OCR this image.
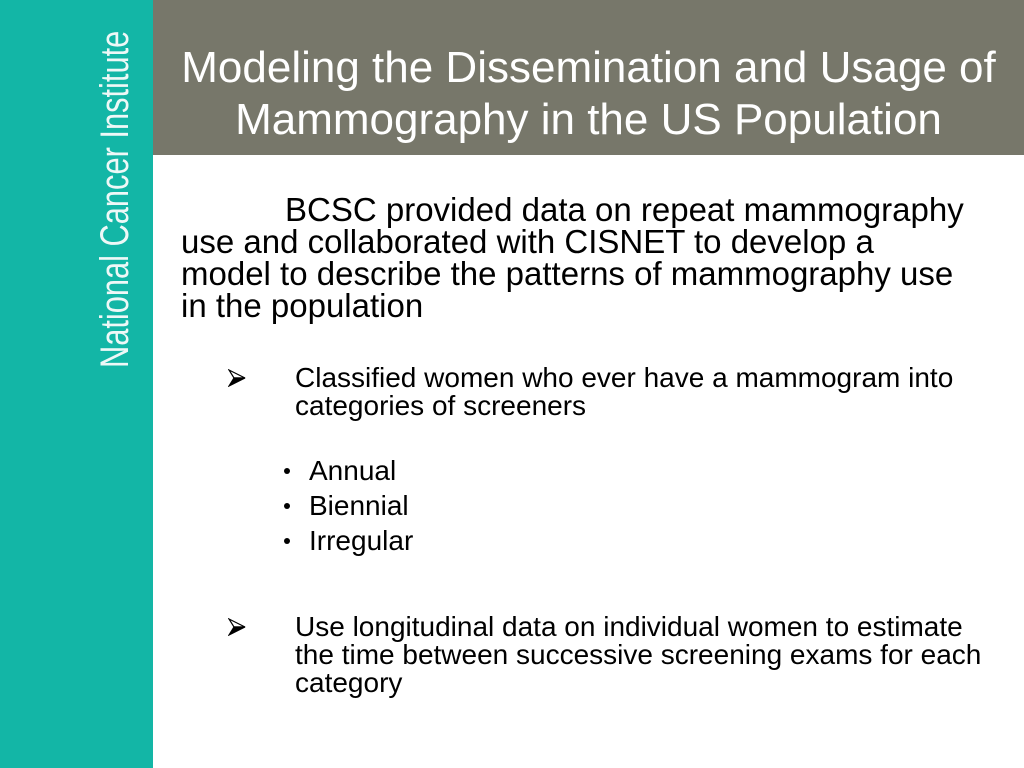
National Cancer Institute	Modeling the Dissemination and Usage of
Mammography in the US Population
BCSC provided data on repeat mammography
use and collaborated with CISNET to develop a
model to describe the patterns of mammography use
in the population
Classified women who ever have a mammogram into
categories of screeners
Annual
Biennial
Irregular
Use longitudinal data on individual women to estimate
the time between successive screening exams for each
category
